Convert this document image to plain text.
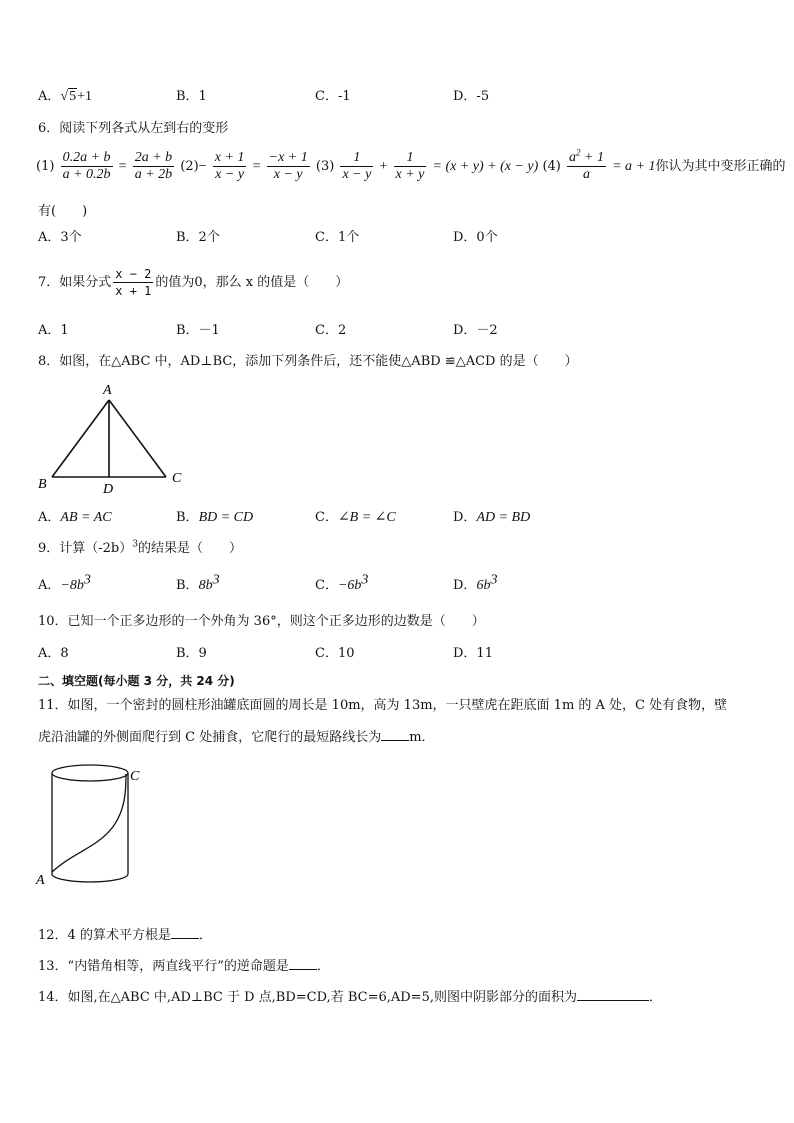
A．√5+1	B．1	C．-1	D．-5
6．阅读下列各式从左到右的变形
$(1) \frac{0.2a + b}{a + 0.2b} = \frac{2a + b}{a + 2b} (2)- \frac{x + 1}{x - y} = \frac{-x + 1}{x - y} (3) \frac{1}{x - y} + \frac{1}{x + y} = (x + y) + (x - y)$ $(4) \frac{a^2 + 1}{a} = a + 1$你认为其中变形正确的
有(　　)
A．3个	B．2个	C．1个	D．0个
7．如果分式 $\frac{x - 2}{x + 1}$ 的值为0，那么 x 的值是（　　）
A．1	B．－1	C．2	D．－2
8．如图，在△ABC 中，AD⊥BC，添加下列条件后，还不能使△ABD ≌△ACD 的是（　　）
A
B	C
D
A．AB = AC	B．BD = CD	C．∠B = ∠C	D．AD = BD
9．计算$(-2b)^3$的结果是（　　）
A．$-8b^3$	B．$8b^3$	C．$-6b^3$	D．$6b^3$
10．已知一个正多边形的一个外角为 36°，则这个正多边形的边数是（　　）
A．8	B．9	C．10	D．11
二、填空题(每小题 3 分，共 24 分)
11．如图，一个密封的圆柱形油罐底面圆的周长是 10m，高为 13m，一只壁虎在距底面 1m 的 A 处，C 处有食物，壁
虎沿油罐的外侧面爬行到 C 处捕食，它爬行的最短路线长为 m．
A
C
12．4 的算术平方根是 ．
13．“内错角相等，两直线平行”的逆命题是 ．
14．如图,在△ABC 中,AD⊥BC 于 D 点,BD=CD,若 BC=6,AD=5,则图中阴影部分的面积为	．
